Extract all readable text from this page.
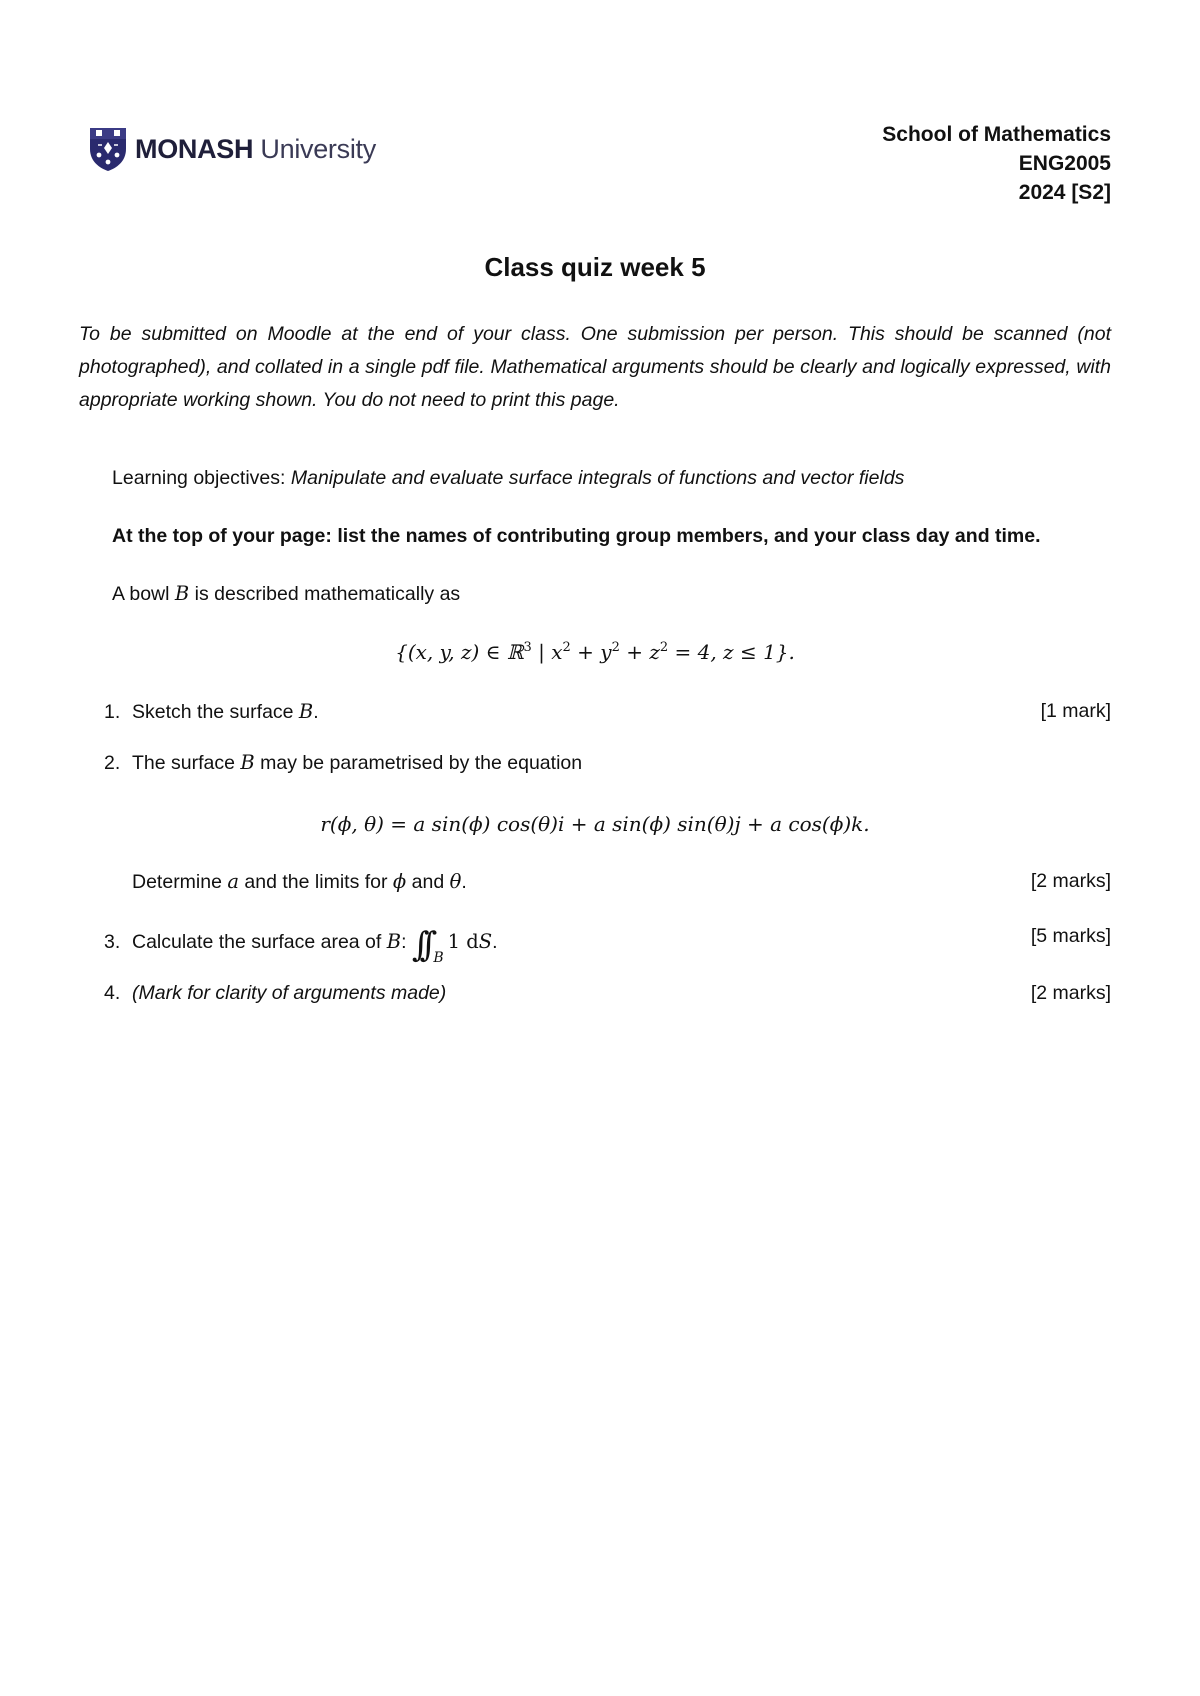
MONASH University	School of Mathematics
ENG2005
2024 [S2]
Class quiz week 5
To be submitted on Moodle at the end of your class. One submission per person. This should be scanned (not photographed), and collated in a single pdf file. Mathematical arguments should be clearly and logically expressed, with appropriate working shown. You do not need to print this page.
Learning objectives: Manipulate and evaluate surface integrals of functions and vector fields
At the top of your page: list the names of contributing group members, and your class day and time.
A bowl B is described mathematically as
{(x, y, z) ∈ ℝ$^3$ | $x^2 + y^2 + z^2 = 4$, z ≤ 1}.
1. Sketch the surface B.	[1 mark]
2. The surface B may be parametrised by the equation
r(ϕ, θ) = a sin(ϕ) cos(θ)i + a sin(ϕ) sin(θ)j + a cos(ϕ)k.
Determine a and the limits for ϕ and θ.	[2 marks]
3. Calculate the surface area of B: ∫∫ $_B$1 dS.	[5 marks]
4. (Mark for clarity of arguments made)	[2 marks]
